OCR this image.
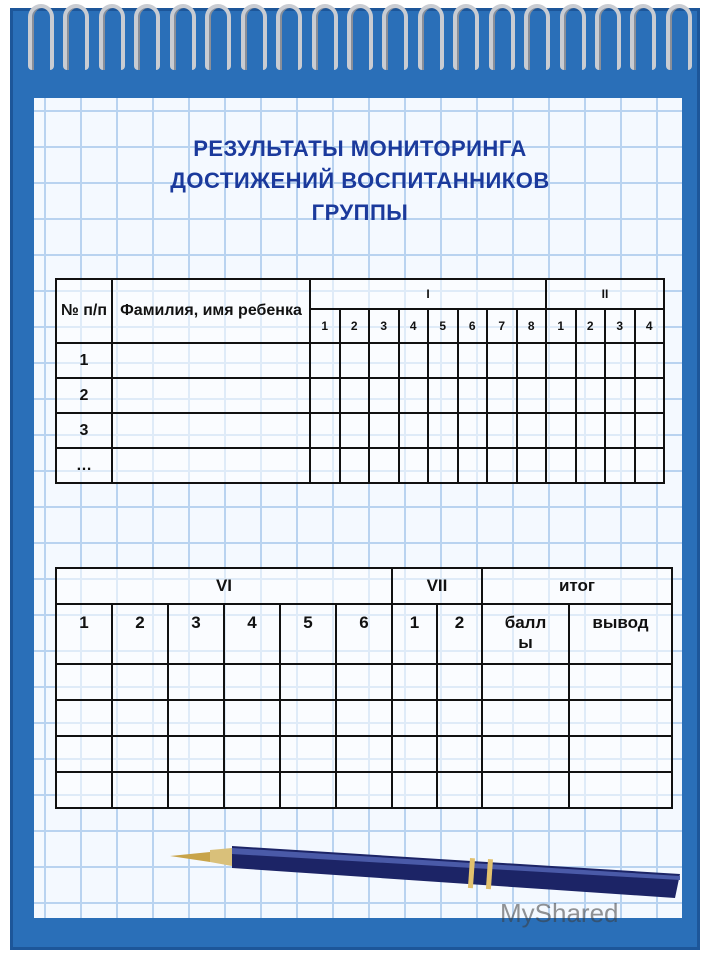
РЕЗУЛЬТАТЫ МОНИТОРИНГА
ДОСТИЖЕНИЙ ВОСПИТАННИКОВ
ГРУППЫ
№ п/п	Фамилия, имя ребенка	I								II			
		1	2	3	4	5	6	7	8	1	2	3	4
1													
2													
3													
…													
VI						VII		итог	
1	2	3	4	5	6	1	2	балл ы	вывод

MyShared
